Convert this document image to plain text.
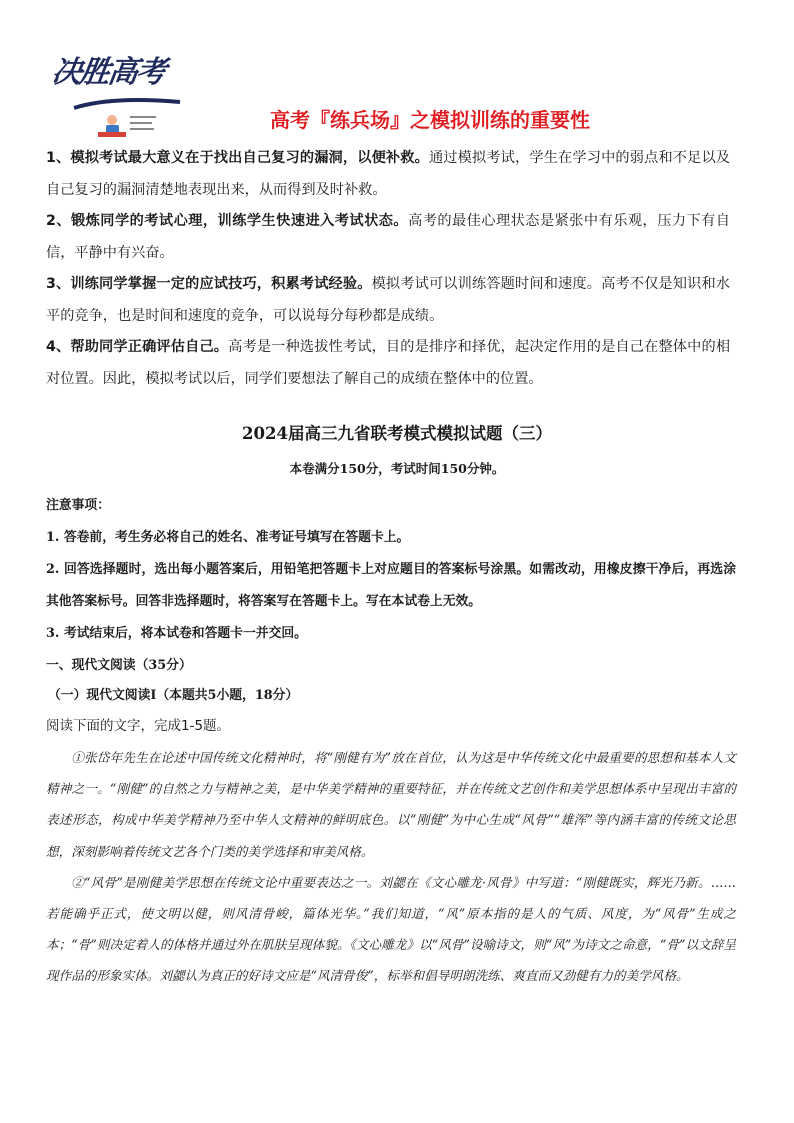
决胜高考
高考『练兵场』之模拟训练的重要性

1、模拟考试最大意义在于找出自己复习的漏洞，以便补救。通过模拟考试，学生在学习中的弱点和不足以及自己复习的漏洞清楚地表现出来，从而得到及时补救。

2、锻炼同学的考试心理，训练学生快速进入考试状态。高考的最佳心理状态是紧张中有乐观，压力下有自信，平静中有兴奋。

3、训练同学掌握一定的应试技巧，积累考试经验。模拟考试可以训练答题时间和速度。高考不仅是知识和水平的竞争，也是时间和速度的竞争，可以说每分每秒都是成绩。

4、帮助同学正确评估自己。高考是一种选拔性考试，目的是排序和择优，起决定作用的是自己在整体中的相对位置。因此，模拟考试以后，同学们要想法了解自己的成绩在整体中的位置。

2024届高三九省联考模式模拟试题（三）
本卷满分150分，考试时间150分钟。

注意事项：

1. 答卷前，考生务必将自己的姓名、准考证号填写在答题卡上。

2. 回答选择题时，选出每小题答案后，用铅笔把答题卡上对应题目的答案标号涂黑。如需改动，用橡皮擦干净后，再选涂其他答案标号。回答非选择题时，将答案写在答题卡上。写在本试卷上无效。

3. 考试结束后，将本试卷和答题卡一并交回。

一、现代文阅读（35分）
（一）现代文阅读Ⅰ（本题共5小题，18分）
阅读下面的文字，完成1-5题。

①张岱年先生在论述中国传统文化精神时，将“刚健有为”放在首位，认为这是中华传统文化中最重要的思想和基本人文精神之一。“刚健”的自然之力与精神之美，是中华美学精神的重要特征，并在传统文艺创作和美学思想体系中呈现出丰富的表述形态，构成中华美学精神乃至中华人文精神的鲜明底色。以“刚健”为中心生成“风骨”“雄浑”等内涵丰富的传统文论思想，深刻影响着传统文艺各个门类的美学选择和审美风格。

②“风骨”是刚健美学思想在传统文论中重要表达之一。刘勰在《文心雕龙·风骨》中写道：“刚健既实，辉光乃新。……若能确乎正式，使文明以健，则风清骨峻，篇体光华。”我们知道，“风”原本指的是人的气质、风度，为“风骨”生成之本；“骨”则决定着人的体格并通过外在肌肤呈现体貌。《文心雕龙》以“风骨”设喻诗文，则“风”为诗文之命意，“骨”以文辞呈现作品的形象实体。刘勰认为真正的好诗文应是“风清骨俊”，标举和倡导明朗洗练、爽直而又劲健有力的美学风格。
